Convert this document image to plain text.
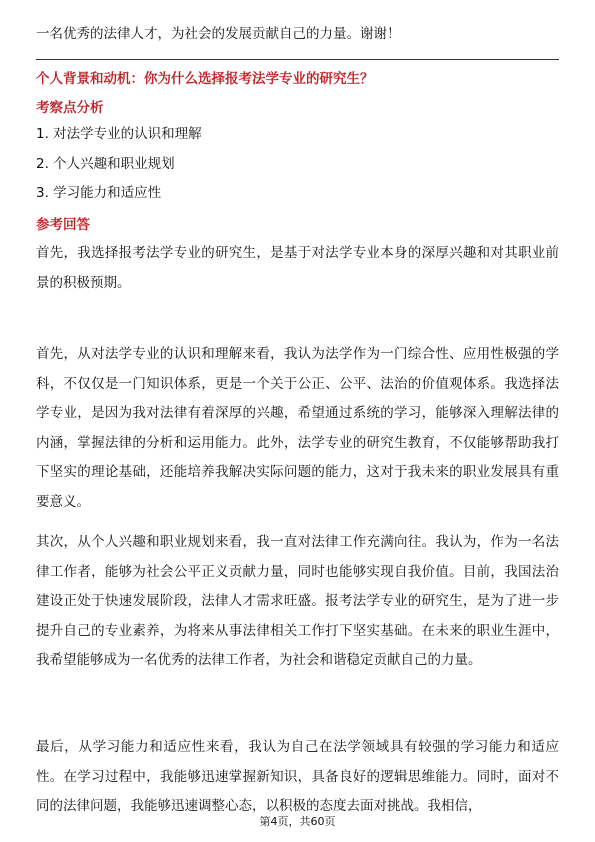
一名优秀的法律人才，为社会的发展贡献自己的力量。谢谢！
个人背景和动机：你为什么选择报考法学专业的研究生？
考察点分析
1. 对法学专业的认识和理解
2. 个人兴趣和职业规划
3. 学习能力和适应性
参考回答

首先，我选择报考法学专业的研究生，是基于对法学专业本身的深厚兴趣和对其职业前景的积极预期。

首先，从对法学专业的认识和理解来看，我认为法学作为一门综合性、应用性极强的学科，不仅仅是一门知识体系，更是一个关于公正、公平、法治的价值观体系。我选择法学专业，是因为我对法律有着深厚的兴趣，希望通过系统的学习，能够深入理解法律的内涵，掌握法律的分析和运用能力。此外，法学专业的研究生教育，不仅能够帮助我打下坚实的理论基础，还能培养我解决实际问题的能力，这对于我未来的职业发展具有重要意义。

其次，从个人兴趣和职业规划来看，我一直对法律工作充满向往。我认为，作为一名法律工作者，能够为社会公平正义贡献力量，同时也能够实现自我价值。目前，我国法治建设正处于快速发展阶段，法律人才需求旺盛。报考法学专业的研究生，是为了进一步提升自己的专业素养，为将来从事法律相关工作打下坚实基础。在未来的职业生涯中，我希望能够成为一名优秀的法律工作者，为社会和谐稳定贡献自己的力量。

最后，从学习能力和适应性来看，我认为自己在法学领域具有较强的学习能力和适应性。在学习过程中，我能够迅速掌握新知识，具备良好的逻辑思维能力。同时，面对不同的法律问题，我能够迅速调整心态，以积极的态度去面对挑战。我相信，

第4页，共60页
